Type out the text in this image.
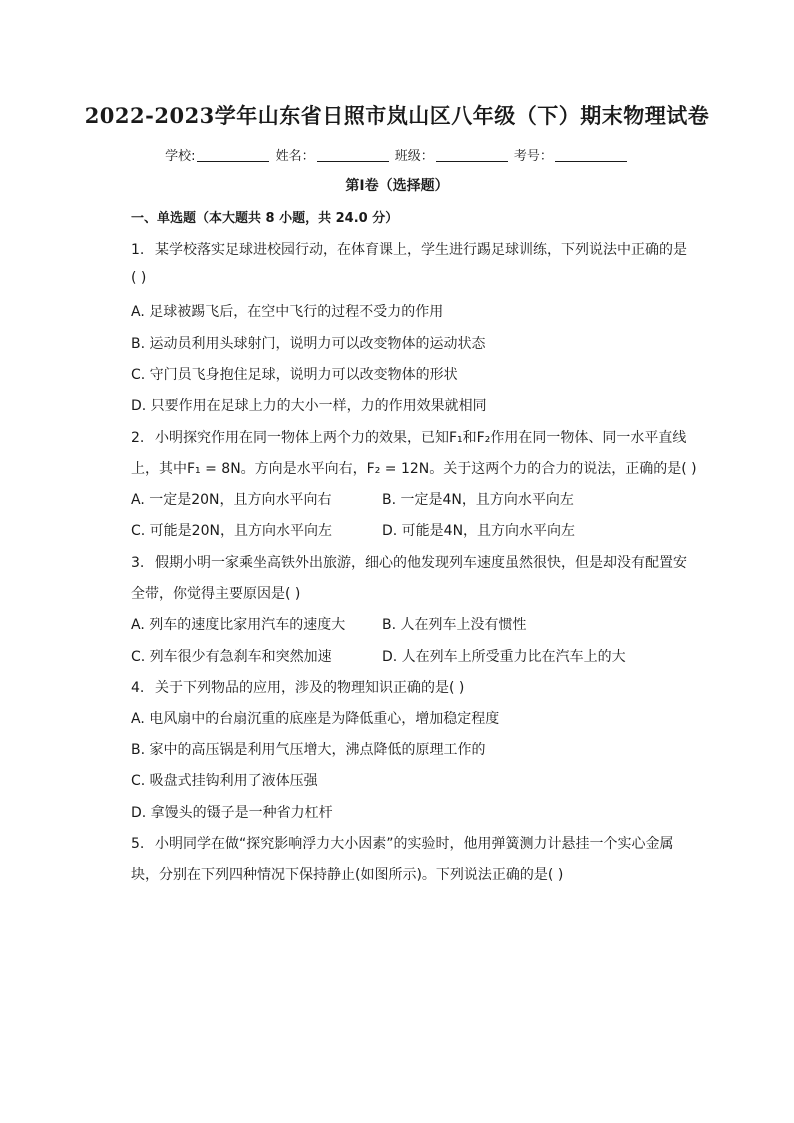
2022-2023学年山东省日照市岚山区八年级（下）期末物理试卷
学校:	姓名：	班级：	考号：
第Ⅰ卷（选择题）
一、单选题（本大题共 8 小题，共 24.0 分）
1. 某学校落实足球进校园行动，在体育课上，学生进行踢足球训练，下列说法中正确的是
( )
A. 足球被踢飞后，在空中飞行的过程不受力的作用
B. 运动员利用头球射门，说明力可以改变物体的运动状态
C. 守门员飞身抱住足球，说明力可以改变物体的形状
D. 只要作用在足球上力的大小一样，力的作用效果就相同
2. 小明探究作用在同一物体上两个力的效果，已知F₁和F₂作用在同一物体、同一水平直线
上，其中F₁ = 8N。方向是水平向右，F₂ = 12N。关于这两个力的合力的说法，正确的是( )
A. 一定是20N，且方向水平向右	B. 一定是4N，且方向水平向左
C. 可能是20N，且方向水平向左	D. 可能是4N，且方向水平向左
3. 假期小明一家乘坐高铁外出旅游，细心的他发现列车速度虽然很快，但是却没有配置安
全带，你觉得主要原因是( )
A. 列车的速度比家用汽车的速度大	B. 人在列车上没有惯性
C. 列车很少有急刹车和突然加速	D. 人在列车上所受重力比在汽车上的大
4. 关于下列物品的应用，涉及的物理知识正确的是( )
A. 电风扇中的台扇沉重的底座是为降低重心，增加稳定程度
B. 家中的高压锅是利用气压增大，沸点降低的原理工作的
C. 吸盘式挂钩利用了液体压强
D. 拿馒头的镊子是一种省力杠杆
5. 小明同学在做“探究影响浮力大小因素”的实验时，他用弹簧测力计悬挂一个实心金属
块，分别在下列四种情况下保持静止(如图所示)。下列说法正确的是( )
